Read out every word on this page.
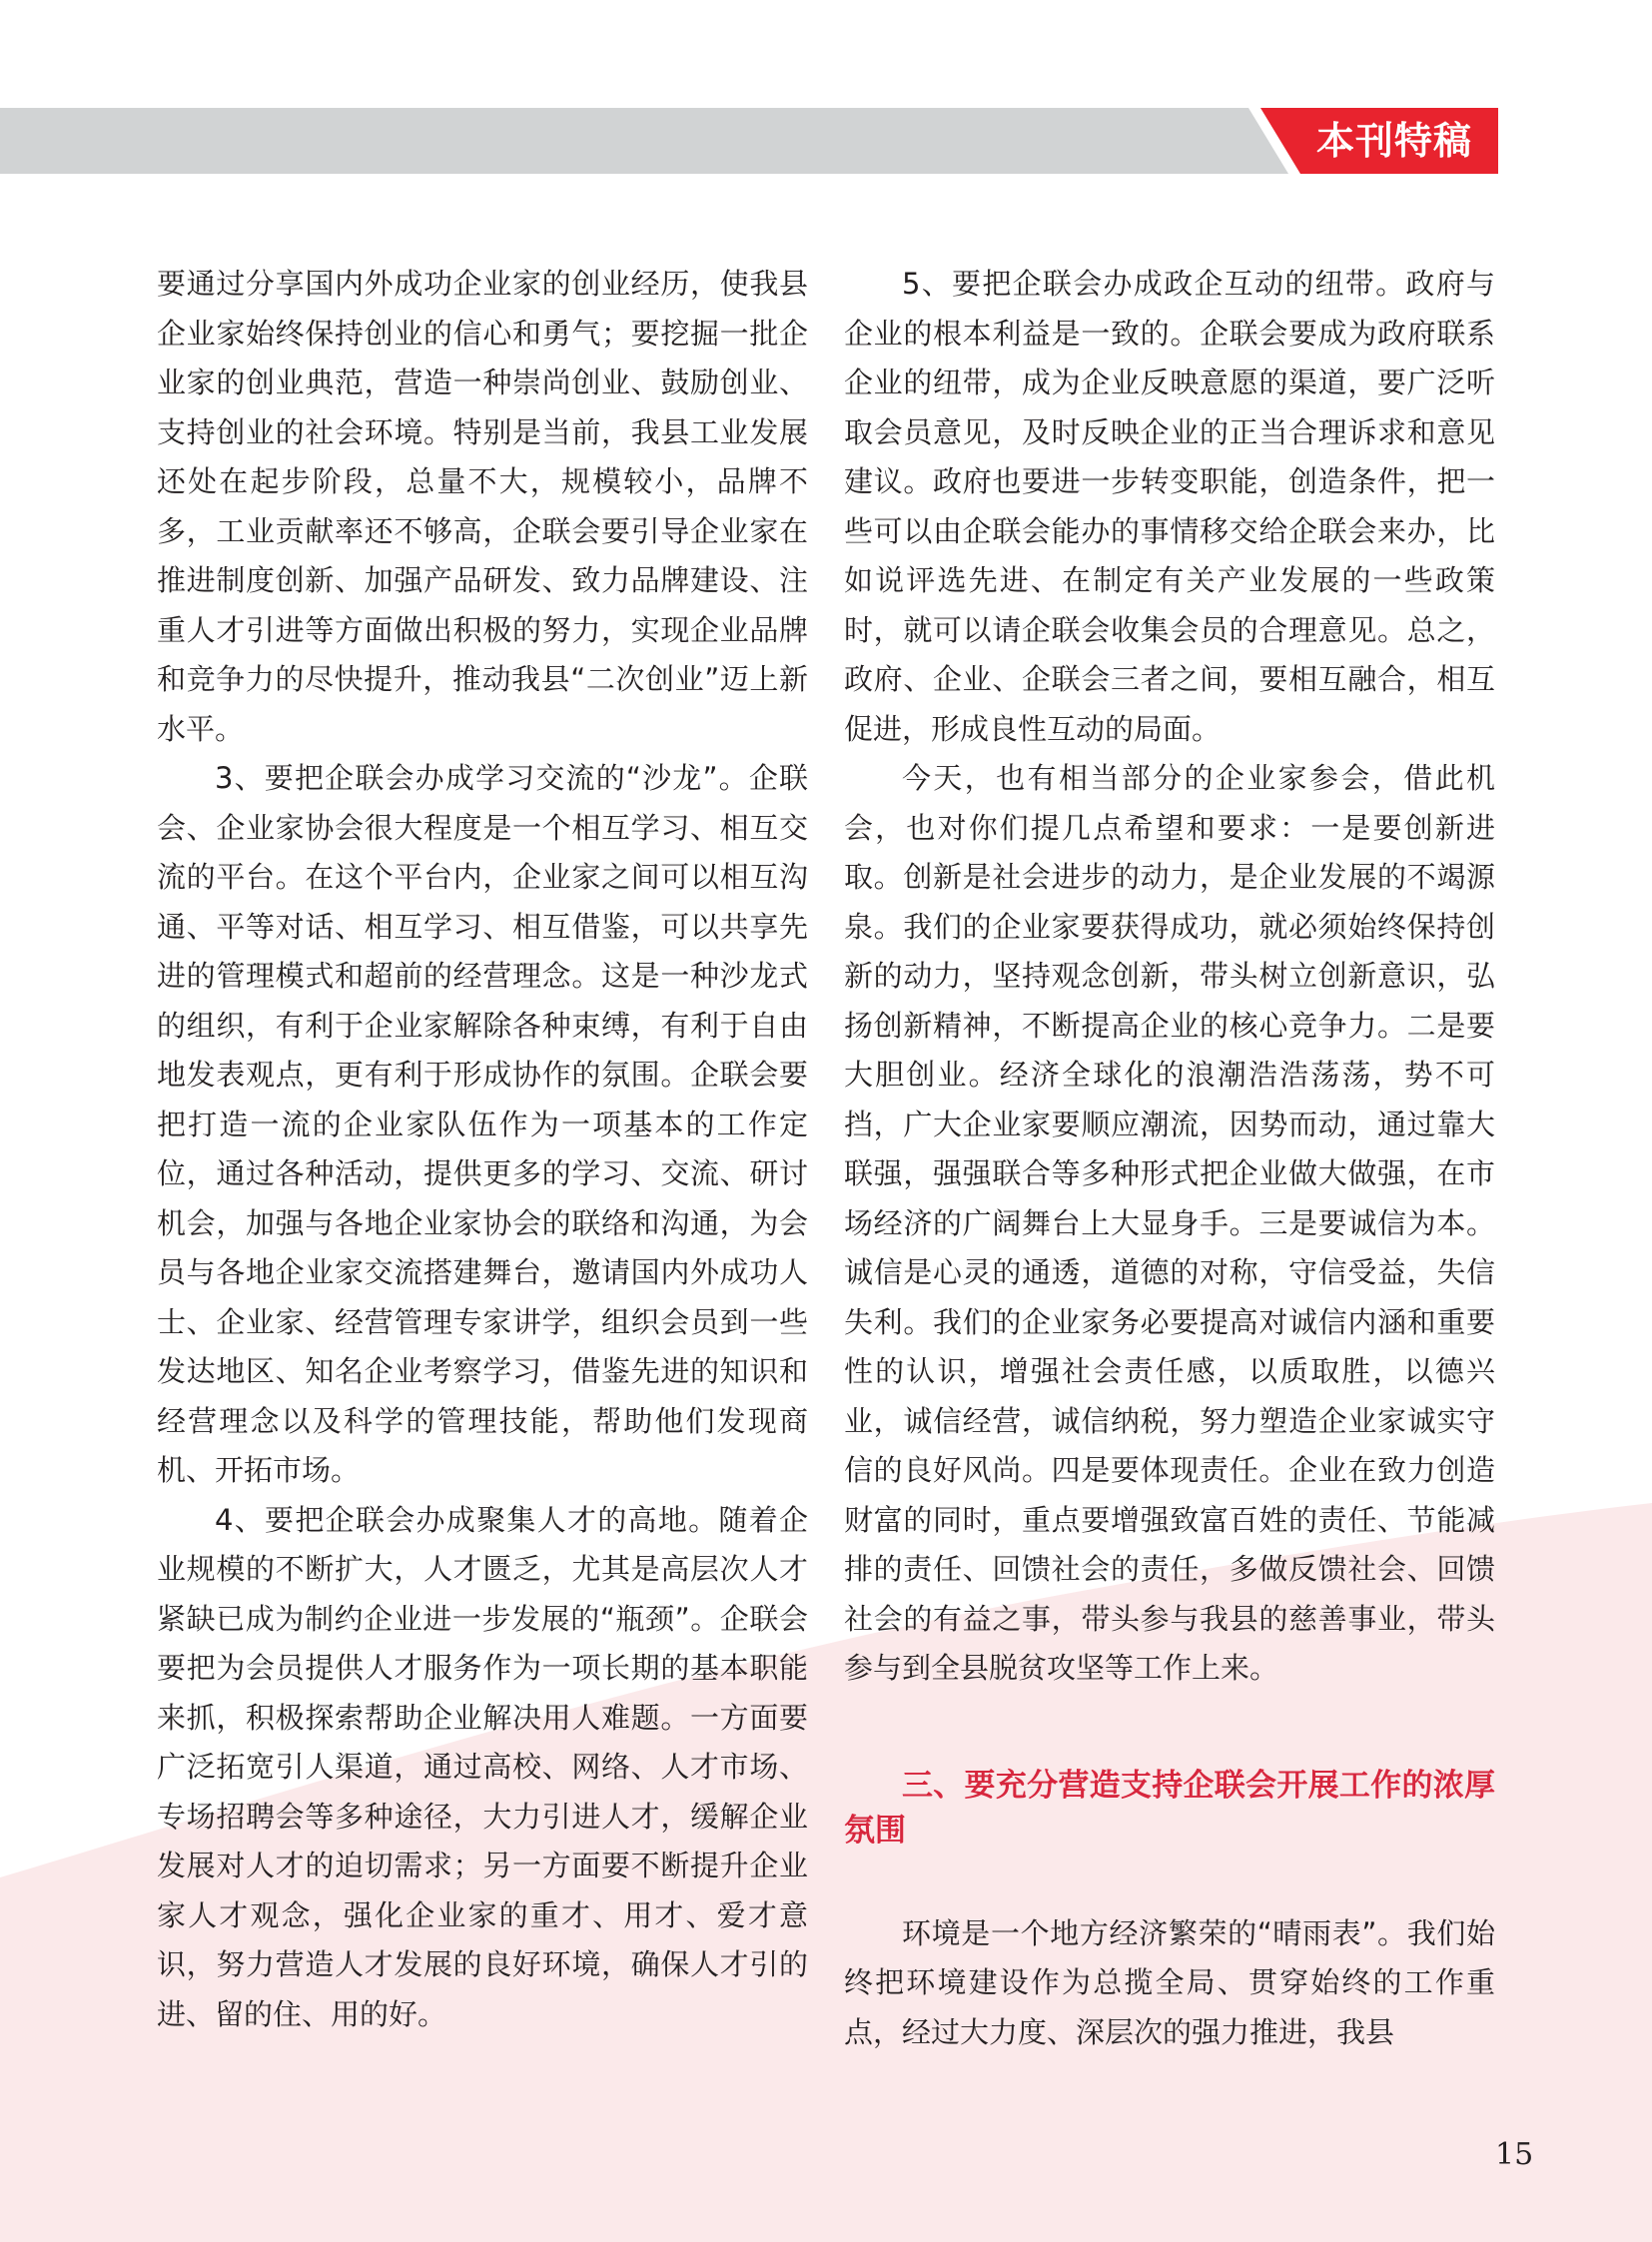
本刊特稿

要通过分享国内外成功企业家的创业经历，使我县企业家始终保持创业的信心和勇气；要挖掘一批企业家的创业典范，营造一种崇尚创业、鼓励创业、支持创业的社会环境。特别是当前，我县工业发展还处在起步阶段，总量不大，规模较小，品牌不多，工业贡献率还不够高，企联会要引导企业家在推进制度创新、加强产品研发、致力品牌建设、注重人才引进等方面做出积极的努力，实现企业品牌和竞争力的尽快提升，推动我县“二次创业”迈上新水平。

3、要把企联会办成学习交流的“沙龙”。企联会、企业家协会很大程度是一个相互学习、相互交流的平台。在这个平台内，企业家之间可以相互沟通、平等对话、相互学习、相互借鉴，可以共享先进的管理模式和超前的经营理念。这是一种沙龙式的组织，有利于企业家解除各种束缚，有利于自由地发表观点，更有利于形成协作的氛围。企联会要把打造一流的企业家队伍作为一项基本的工作定位，通过各种活动，提供更多的学习、交流、研讨机会，加强与各地企业家协会的联络和沟通，为会员与各地企业家交流搭建舞台，邀请国内外成功人士、企业家、经营管理专家讲学，组织会员到一些发达地区、知名企业考察学习，借鉴先进的知识和经营理念以及科学的管理技能，帮助他们发现商机、开拓市场。

4、要把企联会办成聚集人才的高地。随着企业规模的不断扩大，人才匮乏，尤其是高层次人才紧缺已成为制约企业进一步发展的“瓶颈”。企联会要把为会员提供人才服务作为一项长期的基本职能来抓，积极探索帮助企业解决用人难题。一方面要广泛拓宽引人渠道，通过高校、网络、人才市场、专场招聘会等多种途径，大力引进人才，缓解企业发展对人才的迫切需求；另一方面要不断提升企业家人才观念，强化企业家的重才、用才、爱才意识，努力营造人才发展的良好环境，确保人才引的进、留的住、用的好。

5、要把企联会办成政企互动的纽带。政府与企业的根本利益是一致的。企联会要成为政府联系企业的纽带，成为企业反映意愿的渠道，要广泛听取会员意见，及时反映企业的正当合理诉求和意见建议。政府也要进一步转变职能，创造条件，把一些可以由企联会能办的事情移交给企联会来办，比如说评选先进、在制定有关产业发展的一些政策时，就可以请企联会收集会员的合理意见。总之，政府、企业、企联会三者之间，要相互融合，相互促进，形成良性互动的局面。

今天，也有相当部分的企业家参会，借此机会，也对你们提几点希望和要求：一是要创新进取。创新是社会进步的动力，是企业发展的不竭源泉。我们的企业家要获得成功，就必须始终保持创新的动力，坚持观念创新，带头树立创新意识，弘扬创新精神，不断提高企业的核心竞争力。二是要大胆创业。经济全球化的浪潮浩浩荡荡，势不可挡，广大企业家要顺应潮流，因势而动，通过靠大联强，强强联合等多种形式把企业做大做强，在市场经济的广阔舞台上大显身手。三是要诚信为本。诚信是心灵的通透，道德的对称，守信受益，失信失利。我们的企业家务必要提高对诚信内涵和重要性的认识，增强社会责任感，以质取胜，以德兴业，诚信经营，诚信纳税，努力塑造企业家诚实守信的良好风尚。四是要体现责任。企业在致力创造财富的同时，重点要增强致富百姓的责任、节能减排的责任、回馈社会的责任，多做反馈社会、回馈社会的有益之事，带头参与我县的慈善事业，带头参与到全县脱贫攻坚等工作上来。

三、要充分营造支持企联会开展工作的浓厚氛围

环境是一个地方经济繁荣的“晴雨表”。我们始终把环境建设作为总揽全局、贯穿始终的工作重点，经过大力度、深层次的强力推进，我县

15
